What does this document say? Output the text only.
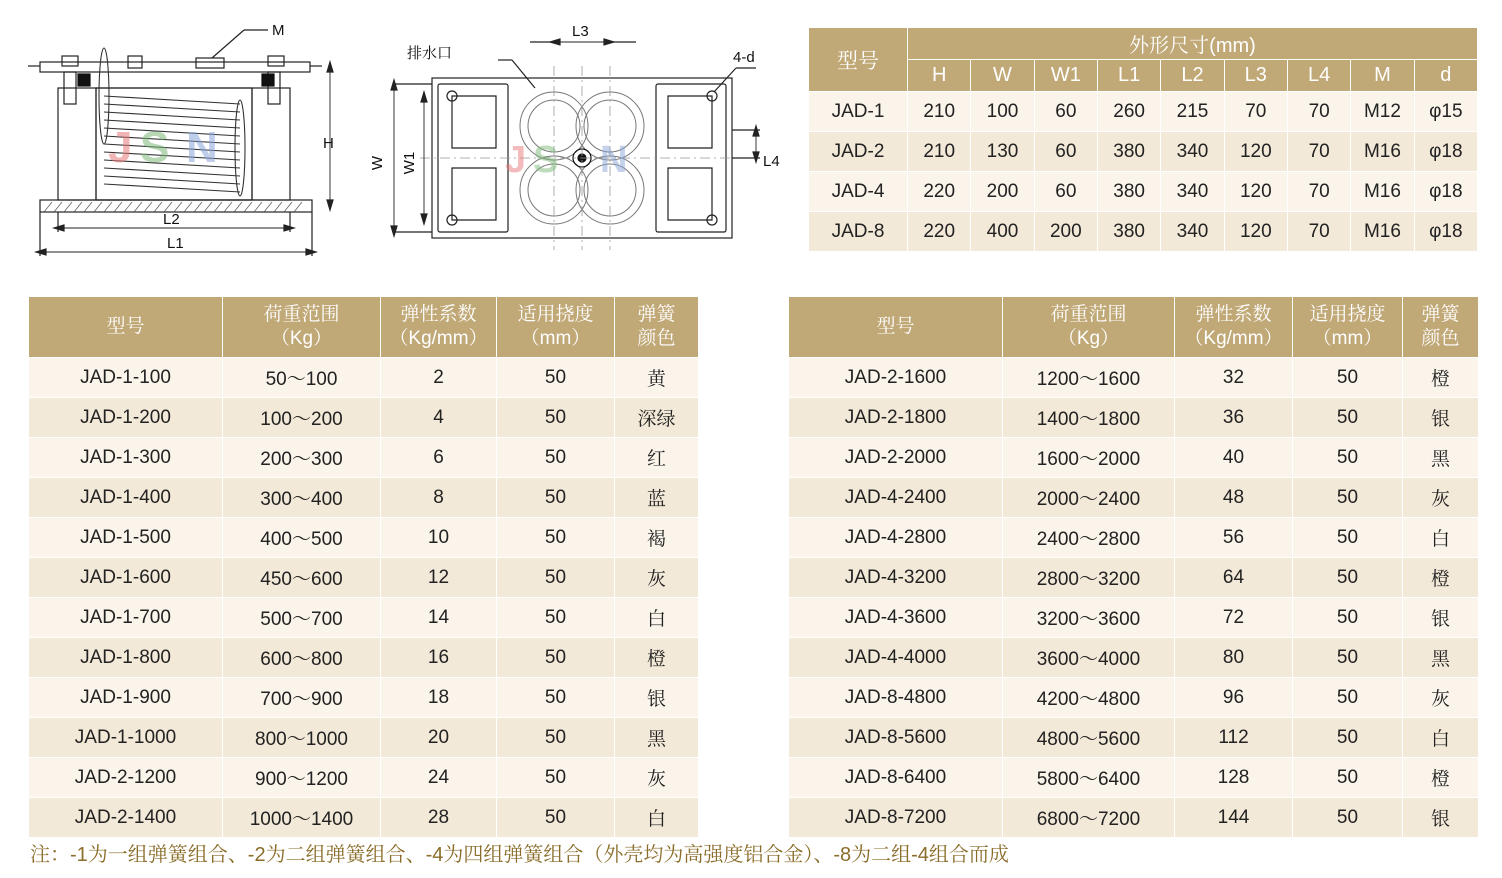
J S N
M
H
L2
L1
J S N
排水口
L3
4-d
W W1	L4
型号	外形尺寸(mm)								
	H	W	W1	L1	L2	L3	L4	M	d
JAD-1	210	100	60	260	215	70	70	M12	φ15
JAD-2	210	130	60	380	340	120	70	M16	φ18
JAD-4	220	200	60	380	340	120	70	M16	φ18
JAD-8	220	400	200	380	340	120	70	M16	φ18
型号

荷重范围
（Kg）

弹性系数
（Kg/mm）

适用挠度
（mm）

弹簧
颜色

JAD-1-100	50～100	2	50	黄
JAD-1-200	100～200	4	50	深绿
JAD-1-300	200～300	6	50	红
JAD-1-400	300～400	8	50	蓝
JAD-1-500	400～500	10	50	褐
JAD-1-600	450～600	12	50	灰
JAD-1-700	500～700	14	50	白
JAD-1-800	600～800	16	50	橙
JAD-1-900	700～900	18	50	银
JAD-1-1000	800～1000	20	50	黑
JAD-2-1200	900～1200	24	50	灰
JAD-2-1400	1000～1400	28	50	白
型号

荷重范围
（Kg）

弹性系数
（Kg/mm）

适用挠度
（mm）

弹簧
颜色

JAD-2-1600	1200～1600	32	50	橙
JAD-2-1800	1400～1800	36	50	银
JAD-2-2000	1600～2000	40	50	黑
JAD-4-2400	2000～2400	48	50	灰
JAD-4-2800	2400～2800	56	50	白
JAD-4-3200	2800～3200	64	50	橙
JAD-4-3600	3200～3600	72	50	银
JAD-4-4000	3600～4000	80	50	黑
JAD-8-4800	4200～4800	96	50	灰
JAD-8-5600	4800～5600	112	50	白
JAD-8-6400	5800～6400	128	50	橙
JAD-8-7200	6800～7200	144	50	银
注：-1为一组弹簧组合、-2为二组弹簧组合、-4为四组弹簧组合（外壳均为高强度铝合金）、-8为二组-4组合而成
